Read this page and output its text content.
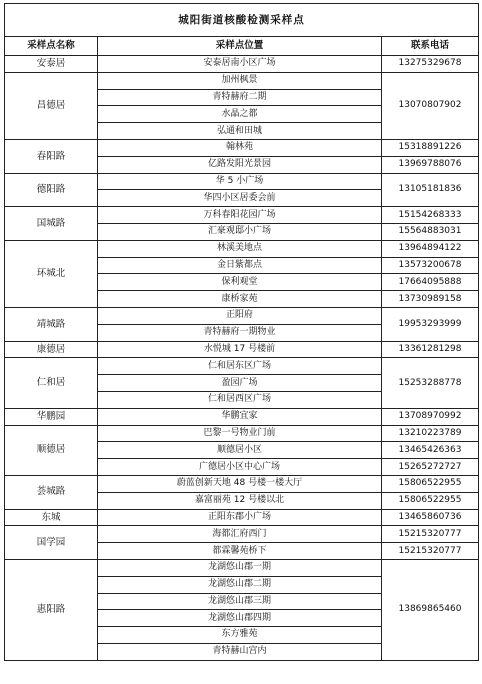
城阳街道核酸检测采样点		
采样点名称	采样点位置	联系电话
安泰居	安泰居南小区广场	13275329678
昌德居	加州枫景	13070807902
	青特赫府二期	
	水晶之都	
	弘通和田城	
春阳路	翰林苑	15318891226
	亿路发阳光景园	13969788076
德阳路	华 5 小广场	13105181836
	华四小区居委会前	
国城路	万科春阳花园广场	15154268333
	汇豪观邸小广场	15564883031
环城北	林溪美地点	13964894122
	金日紫都点	13573200678
	保利观堂	17664095888
	康桥家苑	13730989158
靖城路	正阳府	19953293999
	青特赫府一期物业	
康德居	水悦城 17 号楼前	13361281298
仁和居	仁和居东区广场	15253288778
	盈园广场	
	仁和居西区广场	
华鹏园	华鹏宜家	13708970992
顺德居	巴黎一号物业门前	13210223789
	顺德居小区	13465426363
	广德居小区中心广场	15265272727
荟城路	蔚蓝创新天地 48 号楼一楼大厅	15806522955
	嘉富丽苑 12 号楼以北	15806522955
东城	正阳东郡小广场	13465860736
国学园	海都汇府西门	15215320777
	都霖馨苑桥下	15215320777
惠阳路	龙湖悠山郡一期	13869865460
	龙湖悠山郡二期	
	龙湖悠山郡三期	
	龙湖悠山郡四期	
	东方雅苑	
	青特赫山宫内	
